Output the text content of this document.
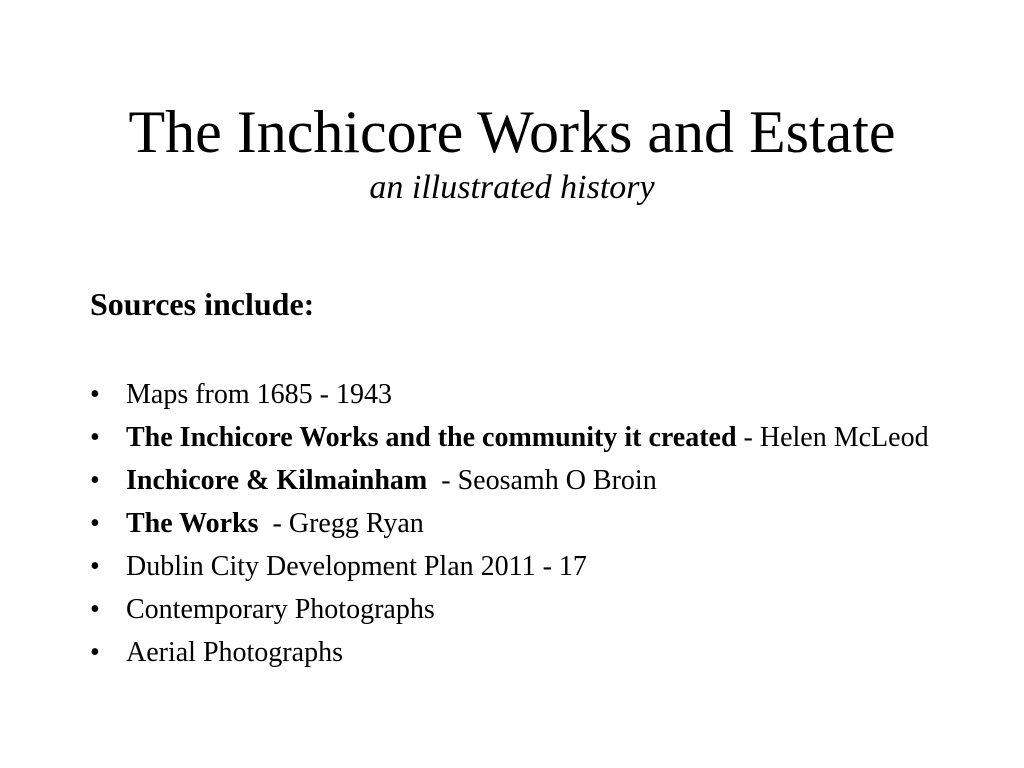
The Inchicore Works and Estate

an illustrated history

Sources include:
• Maps from 1685 - 1943
• The Inchicore Works and the community it created - Helen McLeod
• Inchicore & Kilmainham  - Seosamh O Broin
• The Works  - Gregg Ryan
• Dublin City Development Plan 2011 - 17
• Contemporary Photographs
• Aerial Photographs
